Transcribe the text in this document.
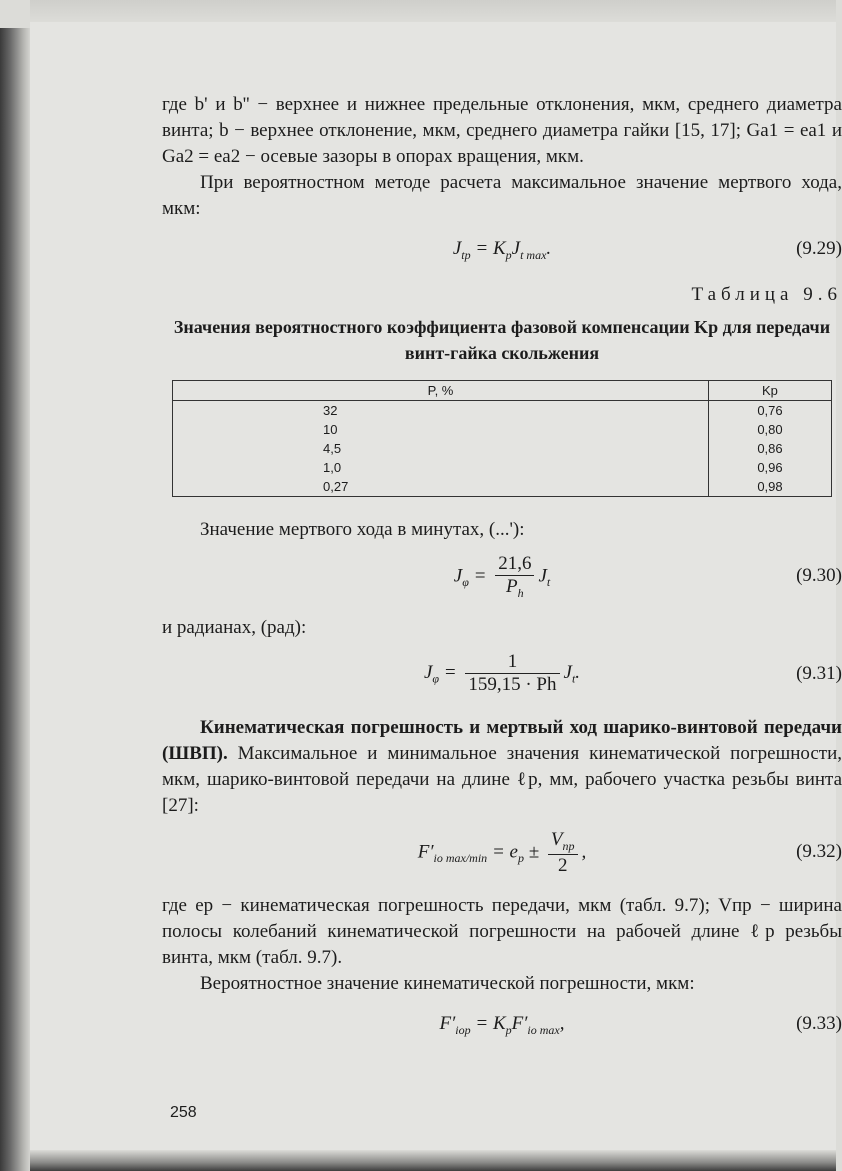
где b' и b'' − верхнее и нижнее предельные отклонения, мкм, среднего диаметра винта; b − верхнее отклонение, мкм, среднего диаметра гайки [15, 17]; Ga1 = ea1 и Ga2 = ea2 − осевые зазоры в опорах вращения, мкм.

При вероятностном методе расчета максимальное значение мертвого хода, мкм:

$J_{tp} = K_pJ_{t max}$.	(9.29)
Таблица 9.6
Значения вероятностного коэффициента фазовой компенсации Kp для передачи винт-гайка скольжения
P, %	Kp
32	0,76
10	0,80
4,5	0,86
1,0	0,96
0,27	0,98

Значение мертвого хода в минутах, (...'):

$J_\varphi = \frac{21,6}{P_h} J_t$	(9.30)

и радианах, (рад):

$J_\varphi = \frac{1}{159,15 \cdot Ph} J_t$.	(9.31)

Кинематическая погрешность и мертвый ход шарико-винтовой передачи (ШВП). Максимальное и минимальное значения кинематической погрешности, мкм, шарико-винтовой передачи на длине ℓp, мм, рабочего участка резьбы винта [27]:

$F'_{io max/min} = e_p \pm \frac{V_{пр}}{2}$ ,	(9.32)

где ep − кинематическая погрешность передачи, мкм (табл. 9.7); Vпр − ширина полосы колебаний кинематической погрешности на рабочей длине ℓр резьбы винта, мкм (табл. 9.7).

Вероятностное значение кинематической погрешности, мкм:

$F'_{iop} = K_pF'_{io max}$,	(9.33)
258
